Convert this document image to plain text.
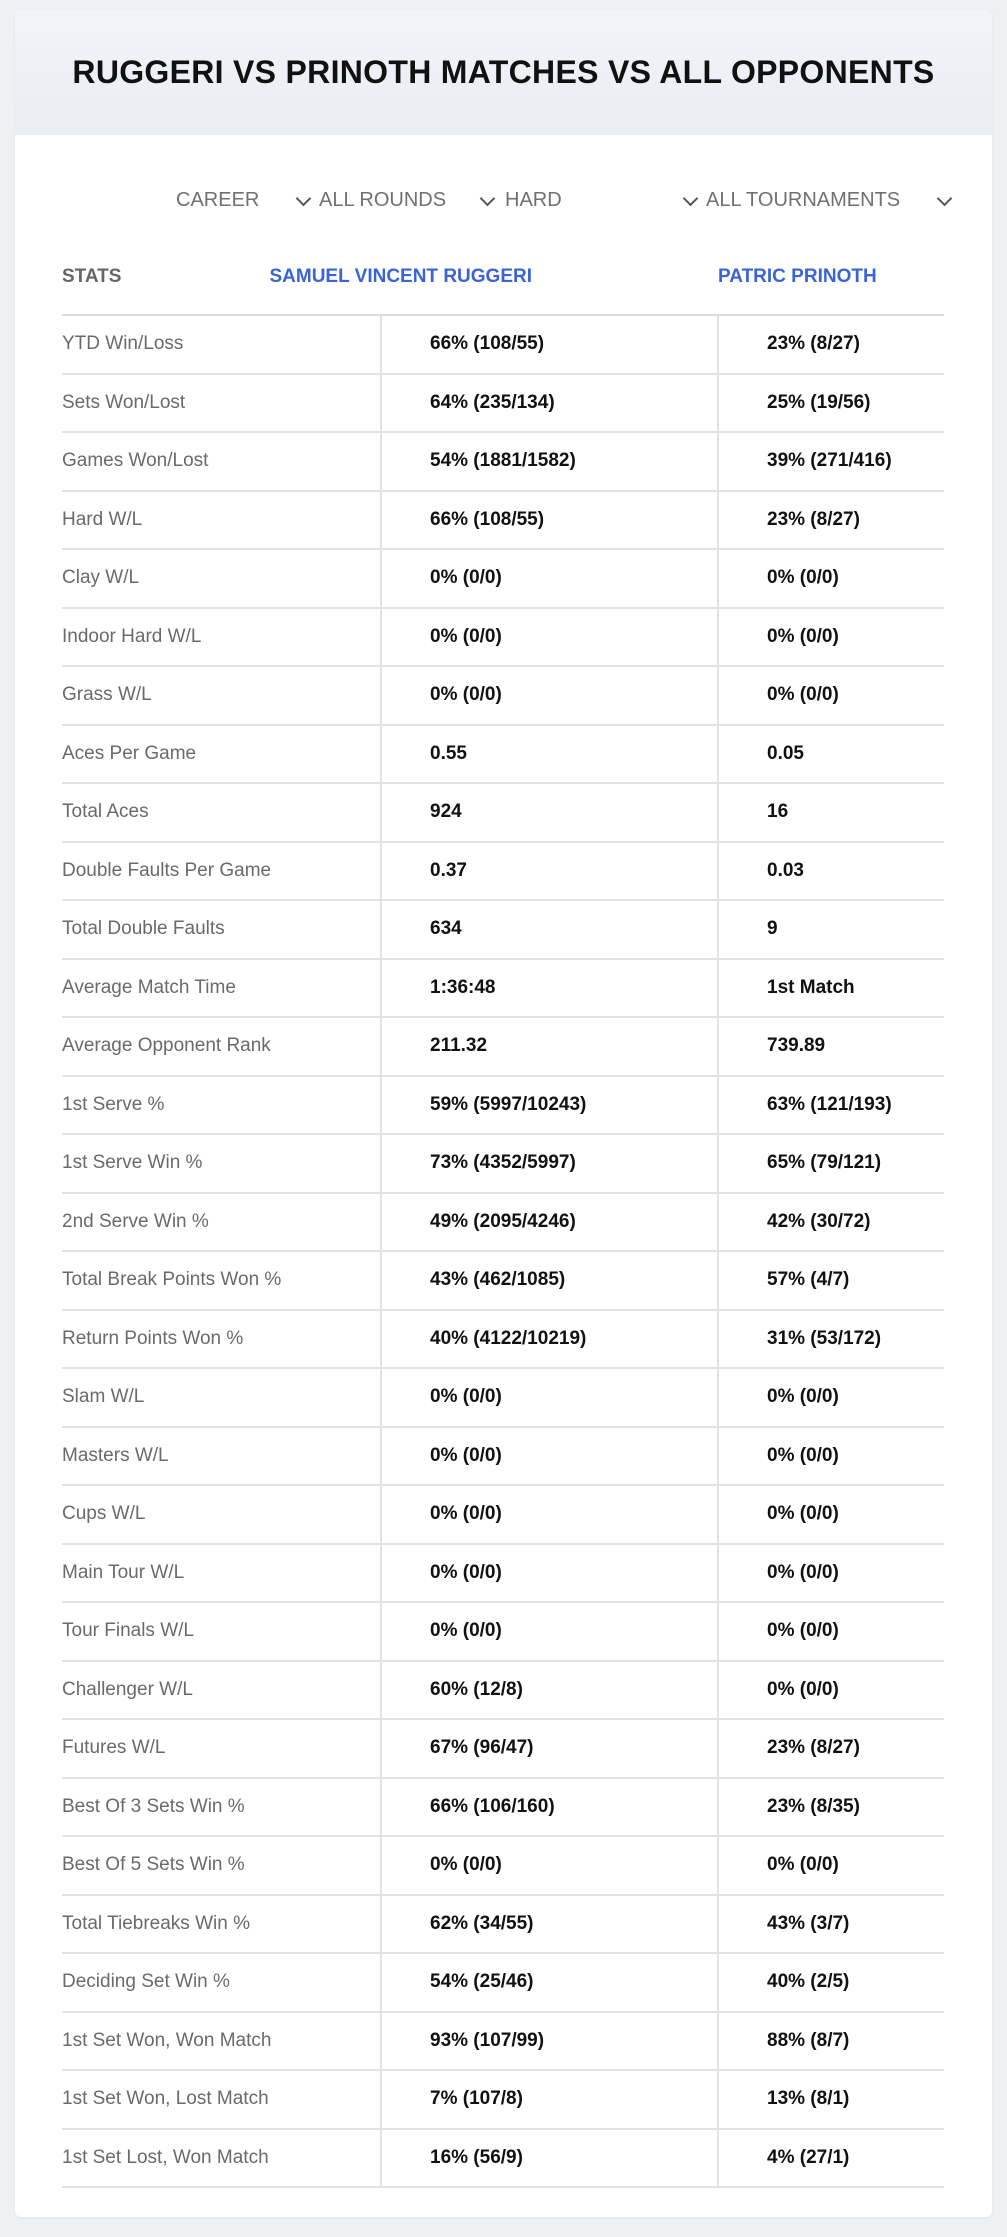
RUGGERI VS PRINOTH MATCHES VS ALL OPPONENTS
CAREER	ALL ROUNDS	HARD	ALL TOURNAMENTS
STATS	SAMUEL VINCENT RUGGERI	PATRIC PRINOTH
YTD Win/Loss	66% (108/55)	23% (8/27)
Sets Won/Lost	64% (235/134)	25% (19/56)
Games Won/Lost	54% (1881/1582)	39% (271/416)
Hard W/L	66% (108/55)	23% (8/27)
Clay W/L	0% (0/0)	0% (0/0)
Indoor Hard W/L	0% (0/0)	0% (0/0)
Grass W/L	0% (0/0)	0% (0/0)
Aces Per Game	0.55	0.05
Total Aces	924	16
Double Faults Per Game	0.37	0.03
Total Double Faults	634	9
Average Match Time	1:36:48	1st Match
Average Opponent Rank	211.32	739.89
1st Serve %	59% (5997/10243)	63% (121/193)
1st Serve Win %	73% (4352/5997)	65% (79/121)
2nd Serve Win %	49% (2095/4246)	42% (30/72)
Total Break Points Won %	43% (462/1085)	57% (4/7)
Return Points Won %	40% (4122/10219)	31% (53/172)
Slam W/L	0% (0/0)	0% (0/0)
Masters W/L	0% (0/0)	0% (0/0)
Cups W/L	0% (0/0)	0% (0/0)
Main Tour W/L	0% (0/0)	0% (0/0)
Tour Finals W/L	0% (0/0)	0% (0/0)
Challenger W/L	60% (12/8)	0% (0/0)
Futures W/L	67% (96/47)	23% (8/27)
Best Of 3 Sets Win %	66% (106/160)	23% (8/35)
Best Of 5 Sets Win %	0% (0/0)	0% (0/0)
Total Tiebreaks Win %	62% (34/55)	43% (3/7)
Deciding Set Win %	54% (25/46)	40% (2/5)
1st Set Won, Won Match	93% (107/99)	88% (8/7)
1st Set Won, Lost Match	7% (107/8)	13% (8/1)
1st Set Lost, Won Match	16% (56/9)	4% (27/1)
